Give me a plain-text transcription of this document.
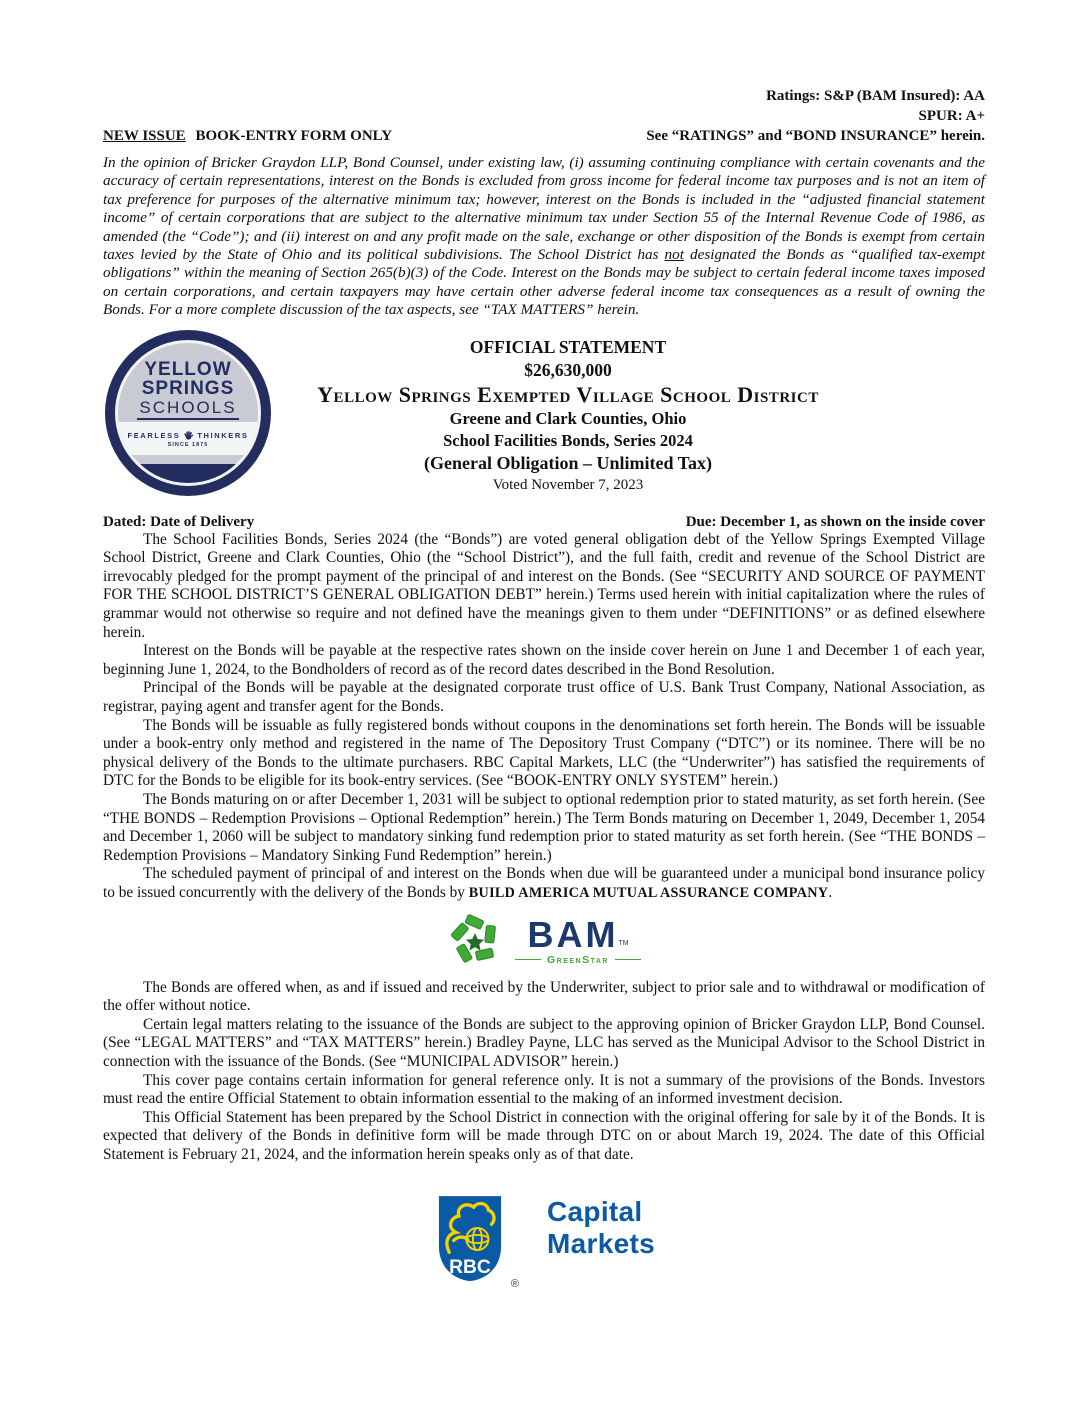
Ratings: S&P (BAM Insured): AA
SPUR: A+
NEW ISSUE BOOK-ENTRY FORM ONLY	See “RATINGS” and “BOND INSURANCE” herein.

In the opinion of Bricker Graydon LLP, Bond Counsel, under existing law, (i) assuming continuing compliance with certain covenants and the accuracy of certain representations, interest on the Bonds is excluded from gross income for federal income tax purposes and is not an item of tax preference for purposes of the alternative minimum tax; however, interest on the Bonds is included in the “adjusted financial statement income” of certain corporations that are subject to the alternative minimum tax under Section 55 of the Internal Revenue Code of 1986, as amended (the “Code”); and (ii) interest on and any profit made on the sale, exchange or other disposition of the Bonds is exempt from certain taxes levied by the State of Ohio and its political subdivisions. The School District has not designated the Bonds as “qualified tax-exempt obligations” within the meaning of Section 265(b)(3) of the Code. Interest on the Bonds may be subject to certain federal income taxes imposed on certain corporations, and certain taxpayers may have certain other adverse federal income tax consequences as a result of owning the Bonds. For a more complete discussion of the tax aspects, see “TAX MATTERS” herein.

YELLOW
SPRINGS
SCHOOLS
FEARLESS THINKERS
SINCE 1875
OFFICIAL STATEMENT
$26,630,000
Yellow Springs Exempted Village School District
Greene and Clark Counties, Ohio
School Facilities Bonds, Series 2024
(General Obligation – Unlimited Tax)
Voted November 7, 2023
Dated: Date of Delivery	Due: December 1, as shown on the inside cover

The School Facilities Bonds, Series 2024 (the “Bonds”) are voted general obligation debt of the Yellow Springs Exempted Village School District, Greene and Clark Counties, Ohio (the “School District”), and the full faith, credit and revenue of the School District are irrevocably pledged for the prompt payment of the principal of and interest on the Bonds. (See “SECURITY AND SOURCE OF PAYMENT FOR THE SCHOOL DISTRICT’S GENERAL OBLIGATION DEBT” herein.) Terms used herein with initial capitalization where the rules of grammar would not otherwise so require and not defined have the meanings given to them under “DEFINITIONS” or as defined elsewhere herein.

Interest on the Bonds will be payable at the respective rates shown on the inside cover herein on June 1 and December 1 of each year, beginning June 1, 2024, to the Bondholders of record as of the record dates described in the Bond Resolution.

Principal of the Bonds will be payable at the designated corporate trust office of U.S. Bank Trust Company, National Association, as registrar, paying agent and transfer agent for the Bonds.

The Bonds will be issuable as fully registered bonds without coupons in the denominations set forth herein. The Bonds will be issuable under a book-entry only method and registered in the name of The Depository Trust Company (“DTC”) or its nominee. There will be no physical delivery of the Bonds to the ultimate purchasers. RBC Capital Markets, LLC (the “Underwriter”) has satisfied the requirements of DTC for the Bonds to be eligible for its book-entry services. (See “BOOK-ENTRY ONLY SYSTEM” herein.)

The Bonds maturing on or after December 1, 2031 will be subject to optional redemption prior to stated maturity, as set forth herein. (See “THE BONDS – Redemption Provisions – Optional Redemption” herein.) The Term Bonds maturing on December 1, 2049, December 1, 2054 and December 1, 2060 will be subject to mandatory sinking fund redemption prior to stated maturity as set forth herein. (See “THE BONDS – Redemption Provisions – Mandatory Sinking Fund Redemption” herein.)

The scheduled payment of principal of and interest on the Bonds when due will be guaranteed under a municipal bond insurance policy to be issued concurrently with the delivery of the Bonds by BUILD AMERICA MUTUAL ASSURANCE COMPANY.

BAM TM
GreenStar

The Bonds are offered when, as and if issued and received by the Underwriter, subject to prior sale and to withdrawal or modification of the offer without notice.

Certain legal matters relating to the issuance of the Bonds are subject to the approving opinion of Bricker Graydon LLP, Bond Counsel. (See “LEGAL MATTERS” and “TAX MATTERS” herein.) Bradley Payne, LLC has served as the Municipal Advisor to the School District in connection with the issuance of the Bonds. (See “MUNICIPAL ADVISOR” herein.)

This cover page contains certain information for general reference only. It is not a summary of the provisions of the Bonds. Investors must read the entire Official Statement to obtain information essential to the making of an informed investment decision.

This Official Statement has been prepared by the School District in connection with the original offering for sale by it of the Bonds. It is expected that delivery of the Bonds in definitive form will be made through DTC on or about March 19, 2024. The date of this Official Statement is February 21, 2024, and the information herein speaks only as of that date.

RBC
®
Capital
Markets
